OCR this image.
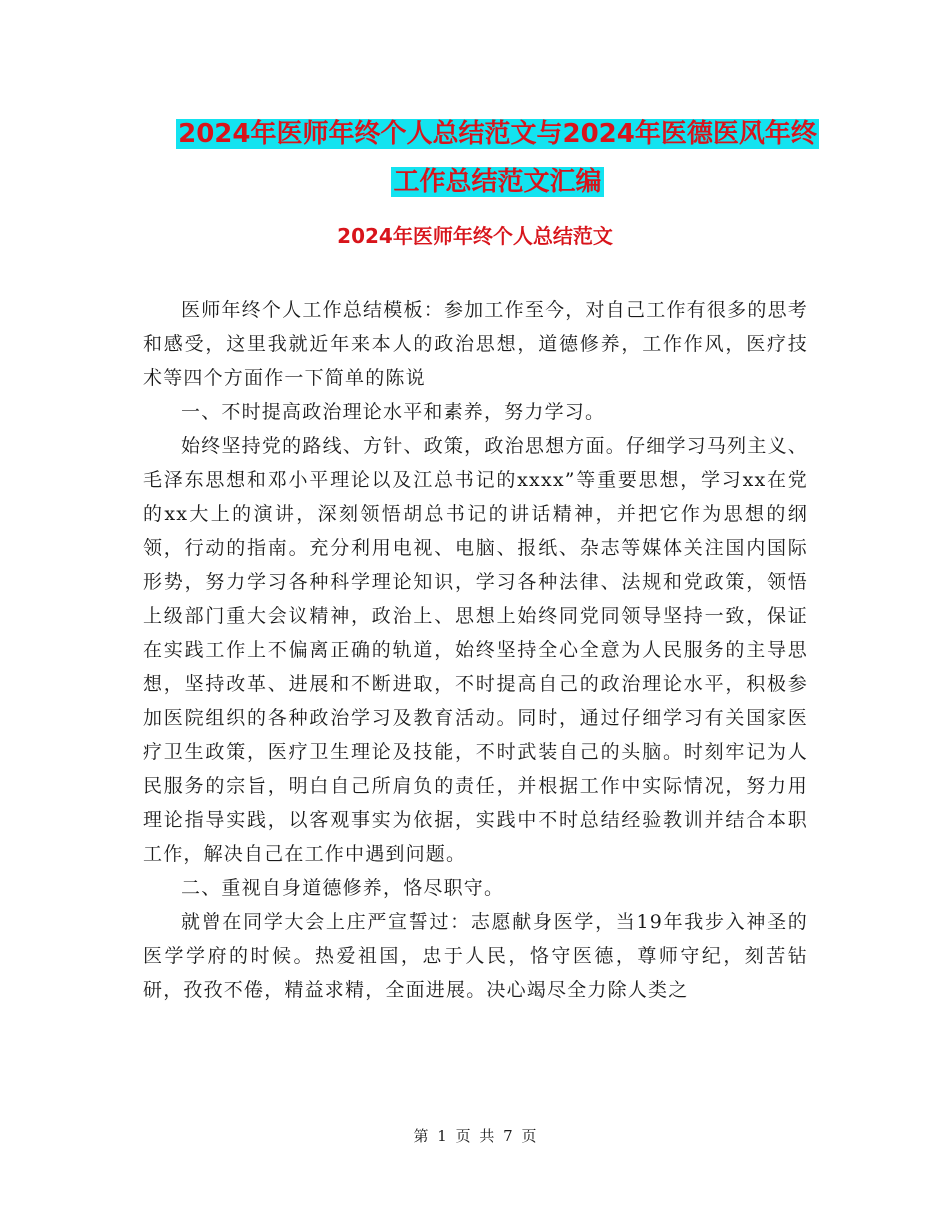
2024年医师年终个人总结范文与2024年医德医风年终
工作总结范文汇编
2024年医师年终个人总结范文

医师年终个人工作总结模板：参加工作至今，对自己工作有很多的思考和感受，这里我就近年来本人的政治思想，道德修养，工作作风，医疗技术等四个方面作一下简单的陈说

一、不时提高政治理论水平和素养，努力学习。

始终坚持党的路线、方针、政策，政治思想方面。仔细学习马列主义、毛泽东思想和邓小平理论以及江总书记的xxxx”等重要思想，学习xx在党的xx大上的演讲，深刻领悟胡总书记的讲话精神，并把它作为思想的纲领，行动的指南。充分利用电视、电脑、报纸、杂志等媒体关注国内国际形势，努力学习各种科学理论知识，学习各种法律、法规和党政策，领悟上级部门重大会议精神，政治上、思想上始终同党同领导坚持一致，保证在实践工作上不偏离正确的轨道，始终坚持全心全意为人民服务的主导思想，坚持改革、进展和不断进取，不时提高自己的政治理论水平，积极参加医院组织的各种政治学习及教育活动。同时，通过仔细学习有关国家医疗卫生政策，医疗卫生理论及技能，不时武装自己的头脑。时刻牢记为人民服务的宗旨，明白自己所肩负的责任，并根据工作中实际情况，努力用理论指导实践，以客观事实为依据，实践中不时总结经验教训并结合本职工作，解决自己在工作中遇到问题。

二、重视自身道德修养，恪尽职守。

就曾在同学大会上庄严宣誓过：志愿献身医学，当19年我步入神圣的医学学府的时候。热爱祖国，忠于人民，恪守医德，尊师守纪，刻苦钻研，孜孜不倦，精益求精，全面进展。决心竭尽全力除人类之

第 1 页 共 7 页
